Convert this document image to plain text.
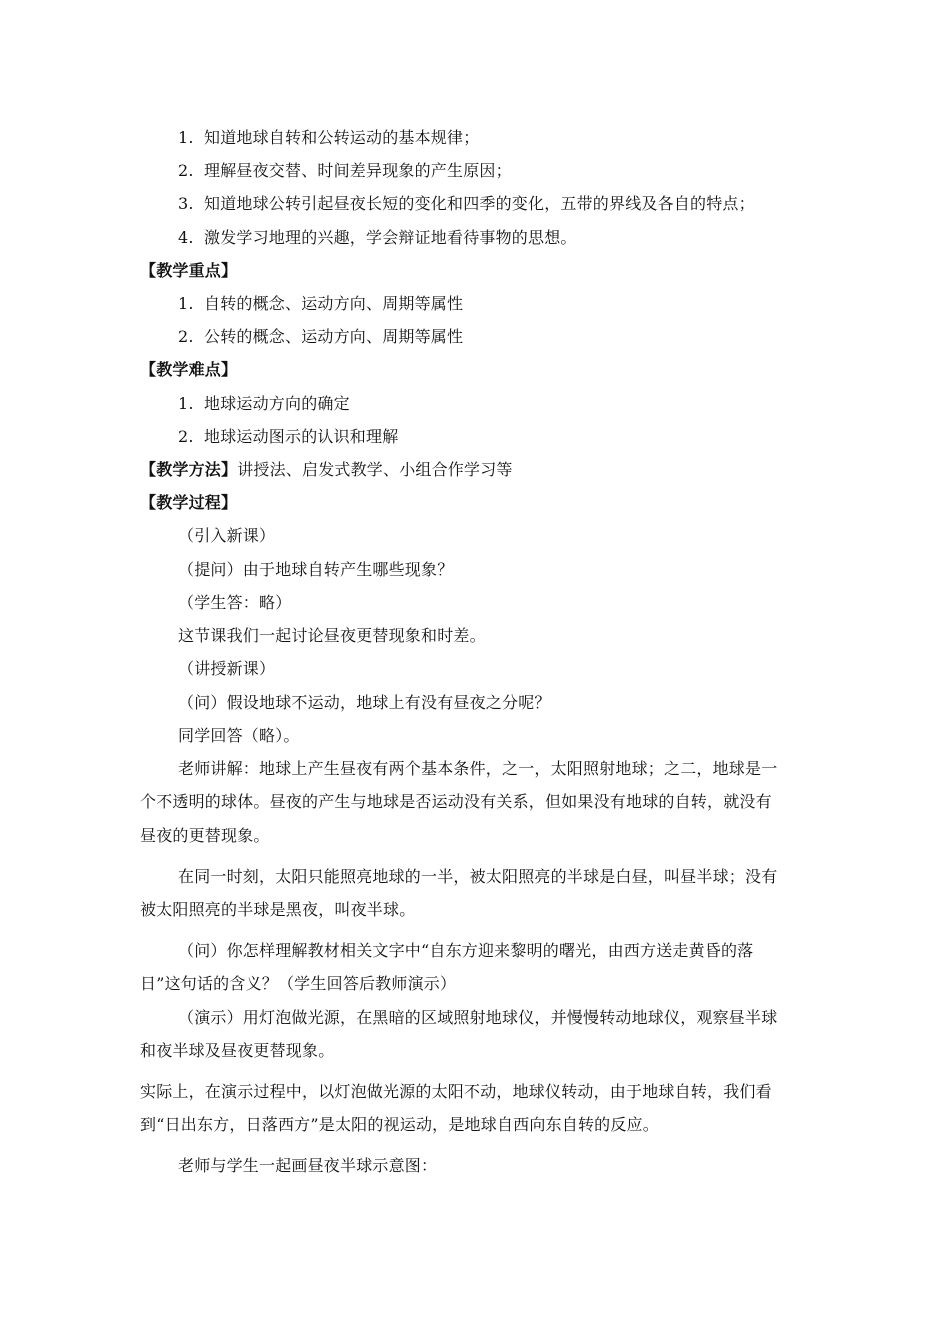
1. 知道地球自转和公转运动的基本规律；
2. 理解昼夜交替、时间差异现象的产生原因；
3. 知道地球公转引起昼夜长短的变化和四季的变化，五带的界线及各自的特点；
4. 激发学习地理的兴趣，学会辩证地看待事物的思想。
【教学重点】
1. 自转的概念、运动方向、周期等属性
2. 公转的概念、运动方向、周期等属性
【教学难点】
1. 地球运动方向的确定
2. 地球运动图示的认识和理解
【教学方法】讲授法、启发式教学、小组合作学习等
【教学过程】
（引入新课）
（提问）由于地球自转产生哪些现象？
（学生答：略）
这节课我们一起讨论昼夜更替现象和时差。
（讲授新课）
（问）假设地球不运动，地球上有没有昼夜之分呢？
同学回答（略）。
老师讲解：地球上产生昼夜有两个基本条件，之一，太阳照射地球；之二，地球是一
个不透明的球体。昼夜的产生与地球是否运动没有关系，但如果没有地球的自转，就没有
昼夜的更替现象。
在同一时刻，太阳只能照亮地球的一半，被太阳照亮的半球是白昼，叫昼半球；没有
被太阳照亮的半球是黑夜，叫夜半球。
（问）你怎样理解教材相关文字中“自东方迎来黎明的曙光，由西方送走黄昏的落
日”这句话的含义？（学生回答后教师演示）
（演示）用灯泡做光源，在黑暗的区域照射地球仪，并慢慢转动地球仪，观察昼半球
和夜半球及昼夜更替现象。
实际上，在演示过程中，以灯泡做光源的太阳不动，地球仪转动，由于地球自转，我们看
到“日出东方，日落西方”是太阳的视运动，是地球自西向东自转的反应。
老师与学生一起画昼夜半球示意图：
